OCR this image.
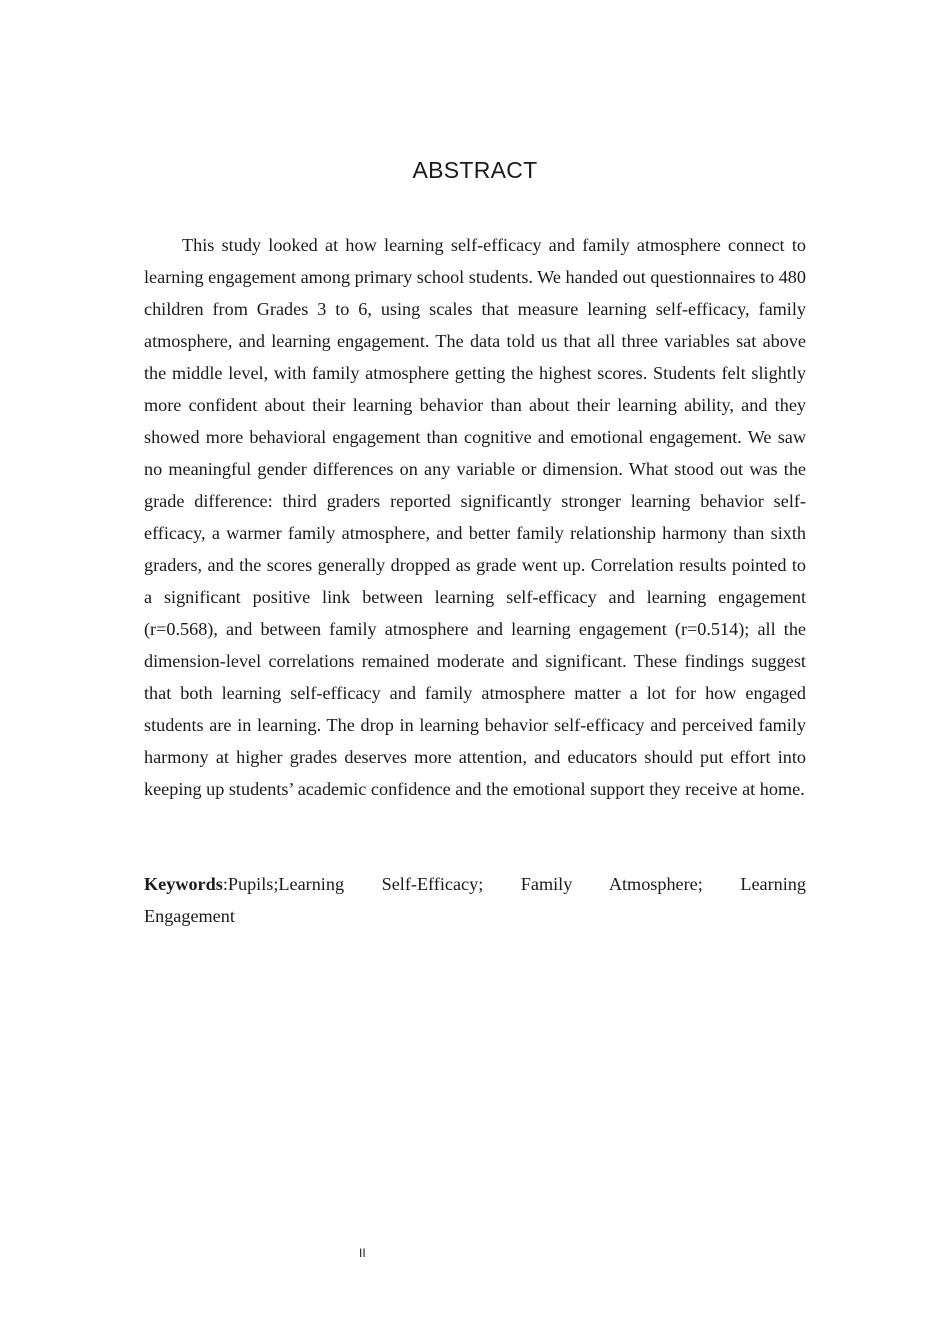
ABSTRACT

This study looked at how learning self-efficacy and family atmosphere connect to learning engagement among primary school students. We handed out questionnaires to 480 children from Grades 3 to 6, using scales that measure learning self-efficacy, family atmosphere, and learning engagement. The data told us that all three variables sat above the middle level, with family atmosphere getting the highest scores. Students felt slightly more confident about their learning behavior than about their learning ability, and they showed more behavioral engagement than cognitive and emotional engagement. We saw no meaningful gender differences on any variable or dimension. What stood out was the grade difference: third graders reported significantly stronger learning behavior self-efficacy, a warmer family atmosphere, and better family relationship harmony than sixth graders, and the scores generally dropped as grade went up. Correlation results pointed to a significant positive link between learning self-efficacy and learning engagement (r=0.568), and between family atmosphere and learning engagement (r=0.514); all the dimension-level correlations remained moderate and significant. These findings suggest that both learning self-efficacy and family atmosphere matter a lot for how engaged students are in learning. The drop in learning behavior self-efficacy and perceived family harmony at higher grades deserves more attention, and educators should put effort into keeping up students’ academic confidence and the emotional support they receive at home.

Keywords:Pupils;Learning Self-Efficacy; Family Atmosphere; Learning Engagement

II
